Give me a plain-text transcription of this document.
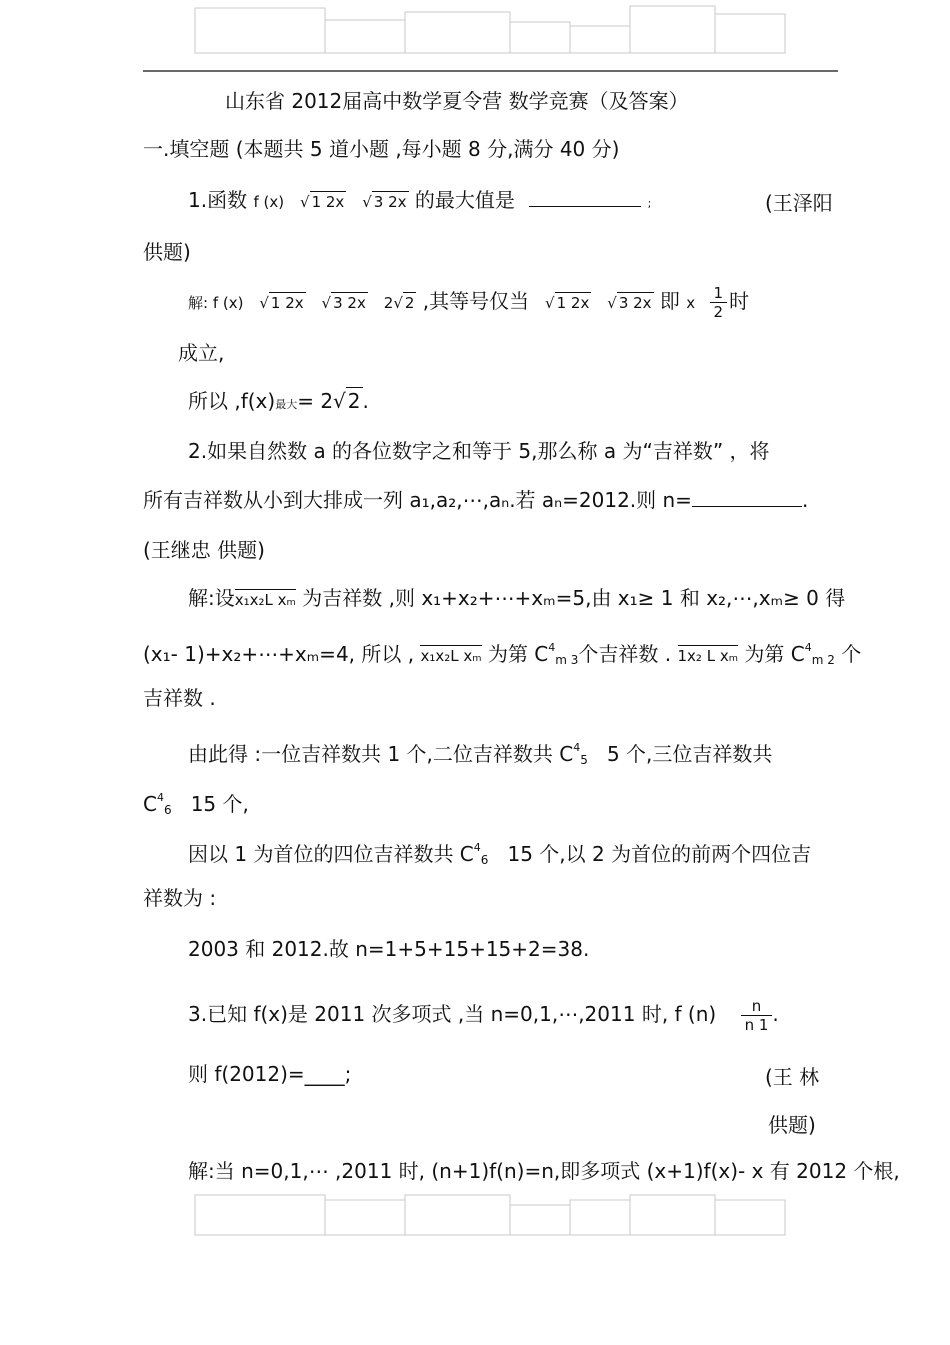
山东省 2012届高中数学夏令营 数学竞赛（及答案）
一.填空题 (本题共 5 道小题 ,每小题 8 分,满分 40 分)
1.函数 f (x)   √ 1 2x   √ 3 2x 的最大值是	;	(王泽阳
供题)
解: f (x)   √ 1 2x   √ 3 2x 2√ 2 ,其等号仅当   √ 1 2x   √ 3 2x 即 x $\frac{1}{2}$ 时
成立,
所以 ,f(x)最大= 2√ 2 .
2.如果自然数 a 的各位数字之和等于 5,那么称 a 为“吉祥数” ，将
所有吉祥数从小到大排成一列 a₁,a₂,⋯,aₙ.若 aₙ=2012.则 n=	.
(王继忠 供题)
解:设x₁x₂L xₘ 为吉祥数 ,则 x₁+x₂+⋯+xₘ=5,由 x₁≥ 1 和 x₂,⋯,xₘ≥ 0 得
(x₁- 1)+x₂+⋯+xₘ=4, 所以 , x₁x₂L xₘ 为第 $C^4_{m 3}$个吉祥数 . 1x₂ L xₘ 为第 $C^4_{m 2}$ 个
吉祥数 .
由此得 :一位吉祥数共 1 个,二位吉祥数共 $C^4_5$ 5 个,三位吉祥数共
$C^4_6$ 15 个,
因以 1 为首位的四位吉祥数共 $C^4_6$ 15 个,以 2 为首位的前两个四位吉
祥数为 :
2003 和 2012.故 n=1+5+15+15+2=38.
3.已知 f(x)是 2011 次多项式 ,当 n=0,1,⋯,2011 时, f $(n) \frac{n}{n 1}$ .
则 f(2012)=____;	(王 林
供题)
解:当 n=0,1,⋯ ,2011 时, (n+1)f(n)=n,即多项式 (x+1)f(x)- x 有 2012 个根,
